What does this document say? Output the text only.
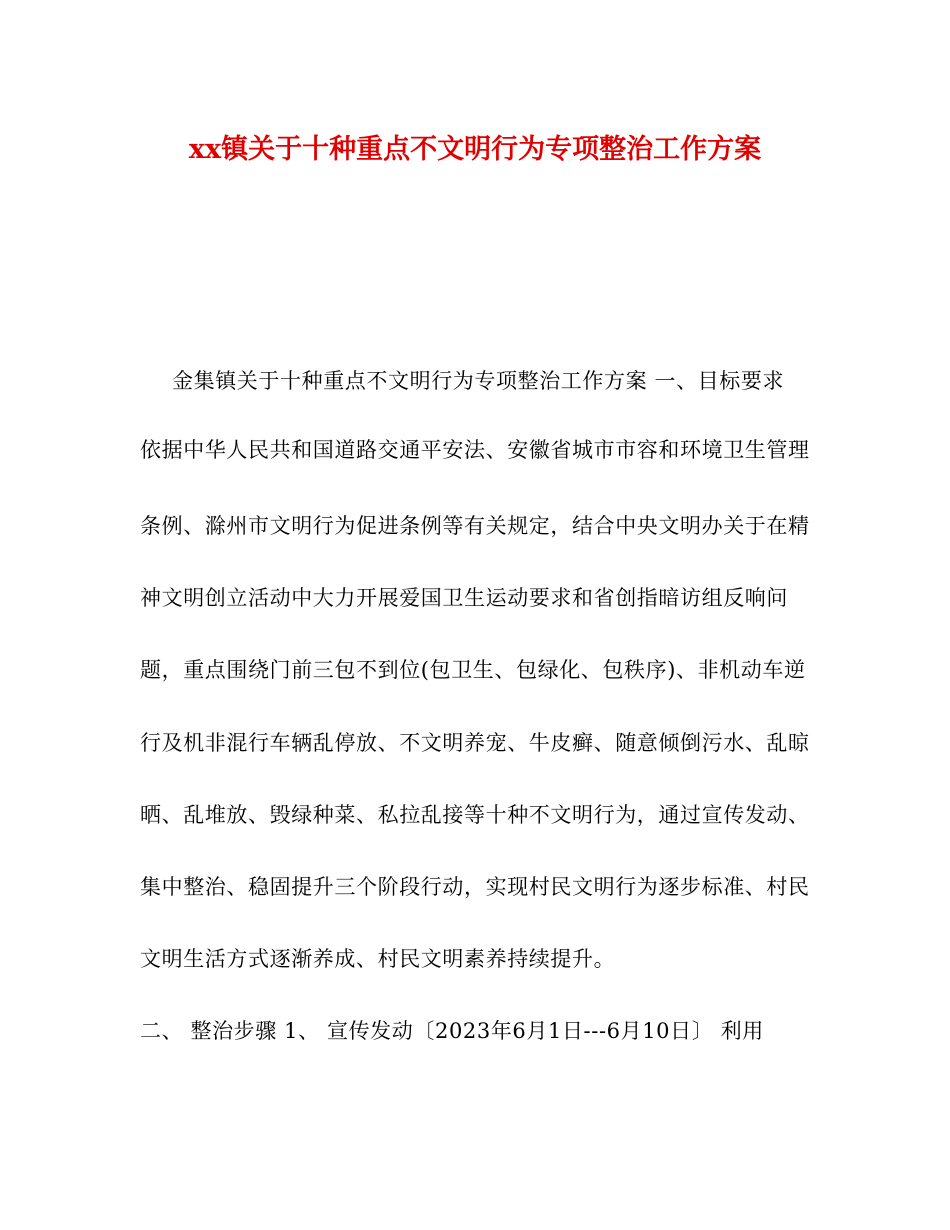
xx镇关于十种重点不文明行为专项整治工作方案
金集镇关于十种重点不文明行为专项整治工作方案 一、目标要求
依据中华人民共和国道路交通平安法、安徽省城市市容和环境卫生管理
条例、滁州市文明行为促进条例等有关规定，结合中央文明办关于在精
神文明创立活动中大力开展爱国卫生运动要求和省创指暗访组反响问
题，重点围绕门前三包不到位(包卫生、包绿化、包秩序)、非机动车逆
行及机非混行车辆乱停放、不文明养宠、牛皮癣、随意倾倒污水、乱晾
晒、乱堆放、毁绿种菜、私拉乱接等十种不文明行为，通过宣传发动、
集中整治、稳固提升三个阶段行动，实现村民文明行为逐步标准、村民
文明生活方式逐渐养成、村民文明素养持续提升。
二、 整治步骤 1、 宣传发动〔2023年6月1日---6月10日〕 利用
